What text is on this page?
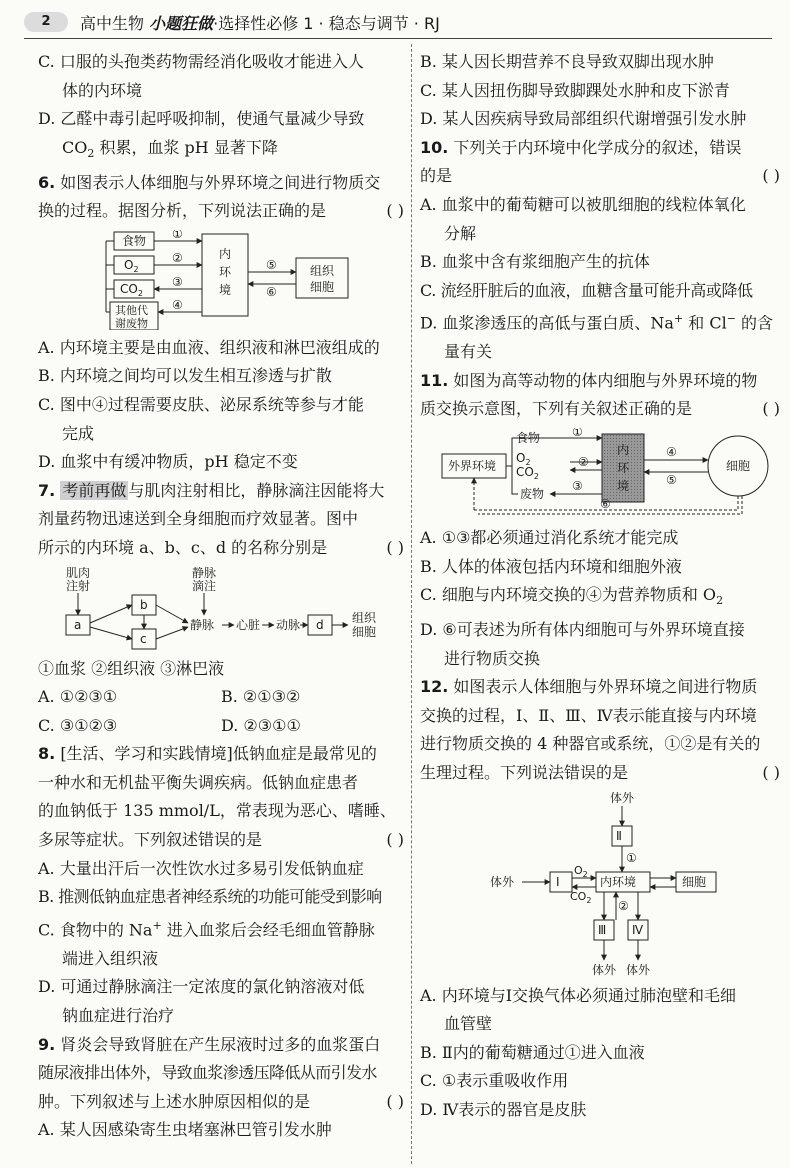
2	高中生物 小题狂做·选择性必修 1 · 稳态与调节 · RJ

C. 口服的头孢类药物需经消化吸收才能进入人
体的内环境

D. 乙醛中毒引起呼吸抑制，使通气量减少导致
$CO_2$ 积累，血浆 pH 显著下降

6. 如图表示人体细胞与外界环境之间进行物质交
换的过程。据图分析，下列说法正确的是	( )

食物
$O_2$
$CO_2$
其他代
谢废物
内
环
境
组织
细胞
①
②
③
④
⑤
⑥

A. 内环境主要是由血液、组织液和淋巴液组成的

B. 内环境之间均可以发生相互渗透与扩散

C. 图中④过程需要皮肤、泌尿系统等参与才能
完成

D. 血浆中有缓冲物质，pH 稳定不变

7. 考前再做 与肌肉注射相比，静脉滴注因能将大
剂量药物迅速送到全身细胞而疗效显著。图中
所示的内环境 a、b、c、d 的名称分别是	( )

肌肉
注射
静脉
滴注
a
b
c
d
静脉 心脏 动脉	组织
细胞

①血浆 ②组织液 ③淋巴液

A. ①②③①	B. ②①③②
C. ③①②③	D. ②③①①

8. [生活、学习和实践情境]低钠血症是最常见的
一种水和无机盐平衡失调疾病。低钠血症患者
的血钠低于 135 mmol/L，常表现为恶心、嗜睡、
多尿等症状。下列叙述错误的是	( )

A. 大量出汗后一次性饮水过多易引发低钠血症

B. 推测低钠血症患者神经系统的功能可能受到影响

C. 食物中的 Na+ 进入血浆后会经毛细血管静脉
端进入组织液

D. 可通过静脉滴注一定浓度的氯化钠溶液对低
钠血症进行治疗

9. 肾炎会导致肾脏在产生尿液时过多的血浆蛋白
随尿液排出体外，导致血浆渗透压降低从而引发水
肿。下列叙述与上述水肿原因相似的是	( )

A. 某人因感染寄生虫堵塞淋巴管引发水肿

B. 某人因长期营养不良导致双脚出现水肿

C. 某人因扭伤脚导致脚踝处水肿和皮下淤青

D. 某人因疾病导致局部组织代谢增强引发水肿

10. 下列关于内环境中化学成分的叙述，错误
的是	( )

A. 血浆中的葡萄糖可以被肌细胞的线粒体氧化
分解

B. 血浆中含有浆细胞产生的抗体

C. 流经肝脏后的血液，血糖含量可能升高或降低

D. 血浆渗透压的高低与蛋白质、Na+ 和 Cl− 的含
量有关

11. 如图为高等动物的体内细胞与外界环境的物
质交换示意图，下列有关叙述正确的是	( )

外界环境
食物
$O_2$
$CO_2$
废物
内
环
境
细胞
①
②
③
④
⑤
⑥

A. ①③都必须通过消化系统才能完成

B. 人体的体液包括内环境和细胞外液

C. 细胞与内环境交换的④为营养物质和 $O_2$

D. ⑥可表述为所有体内细胞可与外界环境直接
进行物质交换

12. 如图表示人体细胞与外界环境之间进行物质
交换的过程，Ⅰ、Ⅱ、Ⅲ、Ⅳ表示能直接与内环境
进行物质交换的 4 种器官或系统，①②是有关的
生理过程。下列说法错误的是	( )

体外
体外
体外 体外
Ⅰ
Ⅱ
Ⅲ Ⅳ
内环境	细胞
$O_2$
$CO_2$
①
②

A. 内环境与Ⅰ交换气体必须通过肺泡壁和毛细
血管壁

B. Ⅱ内的葡萄糖通过①进入血液

C. ①表示重吸收作用

D. Ⅳ表示的器官是皮肤
